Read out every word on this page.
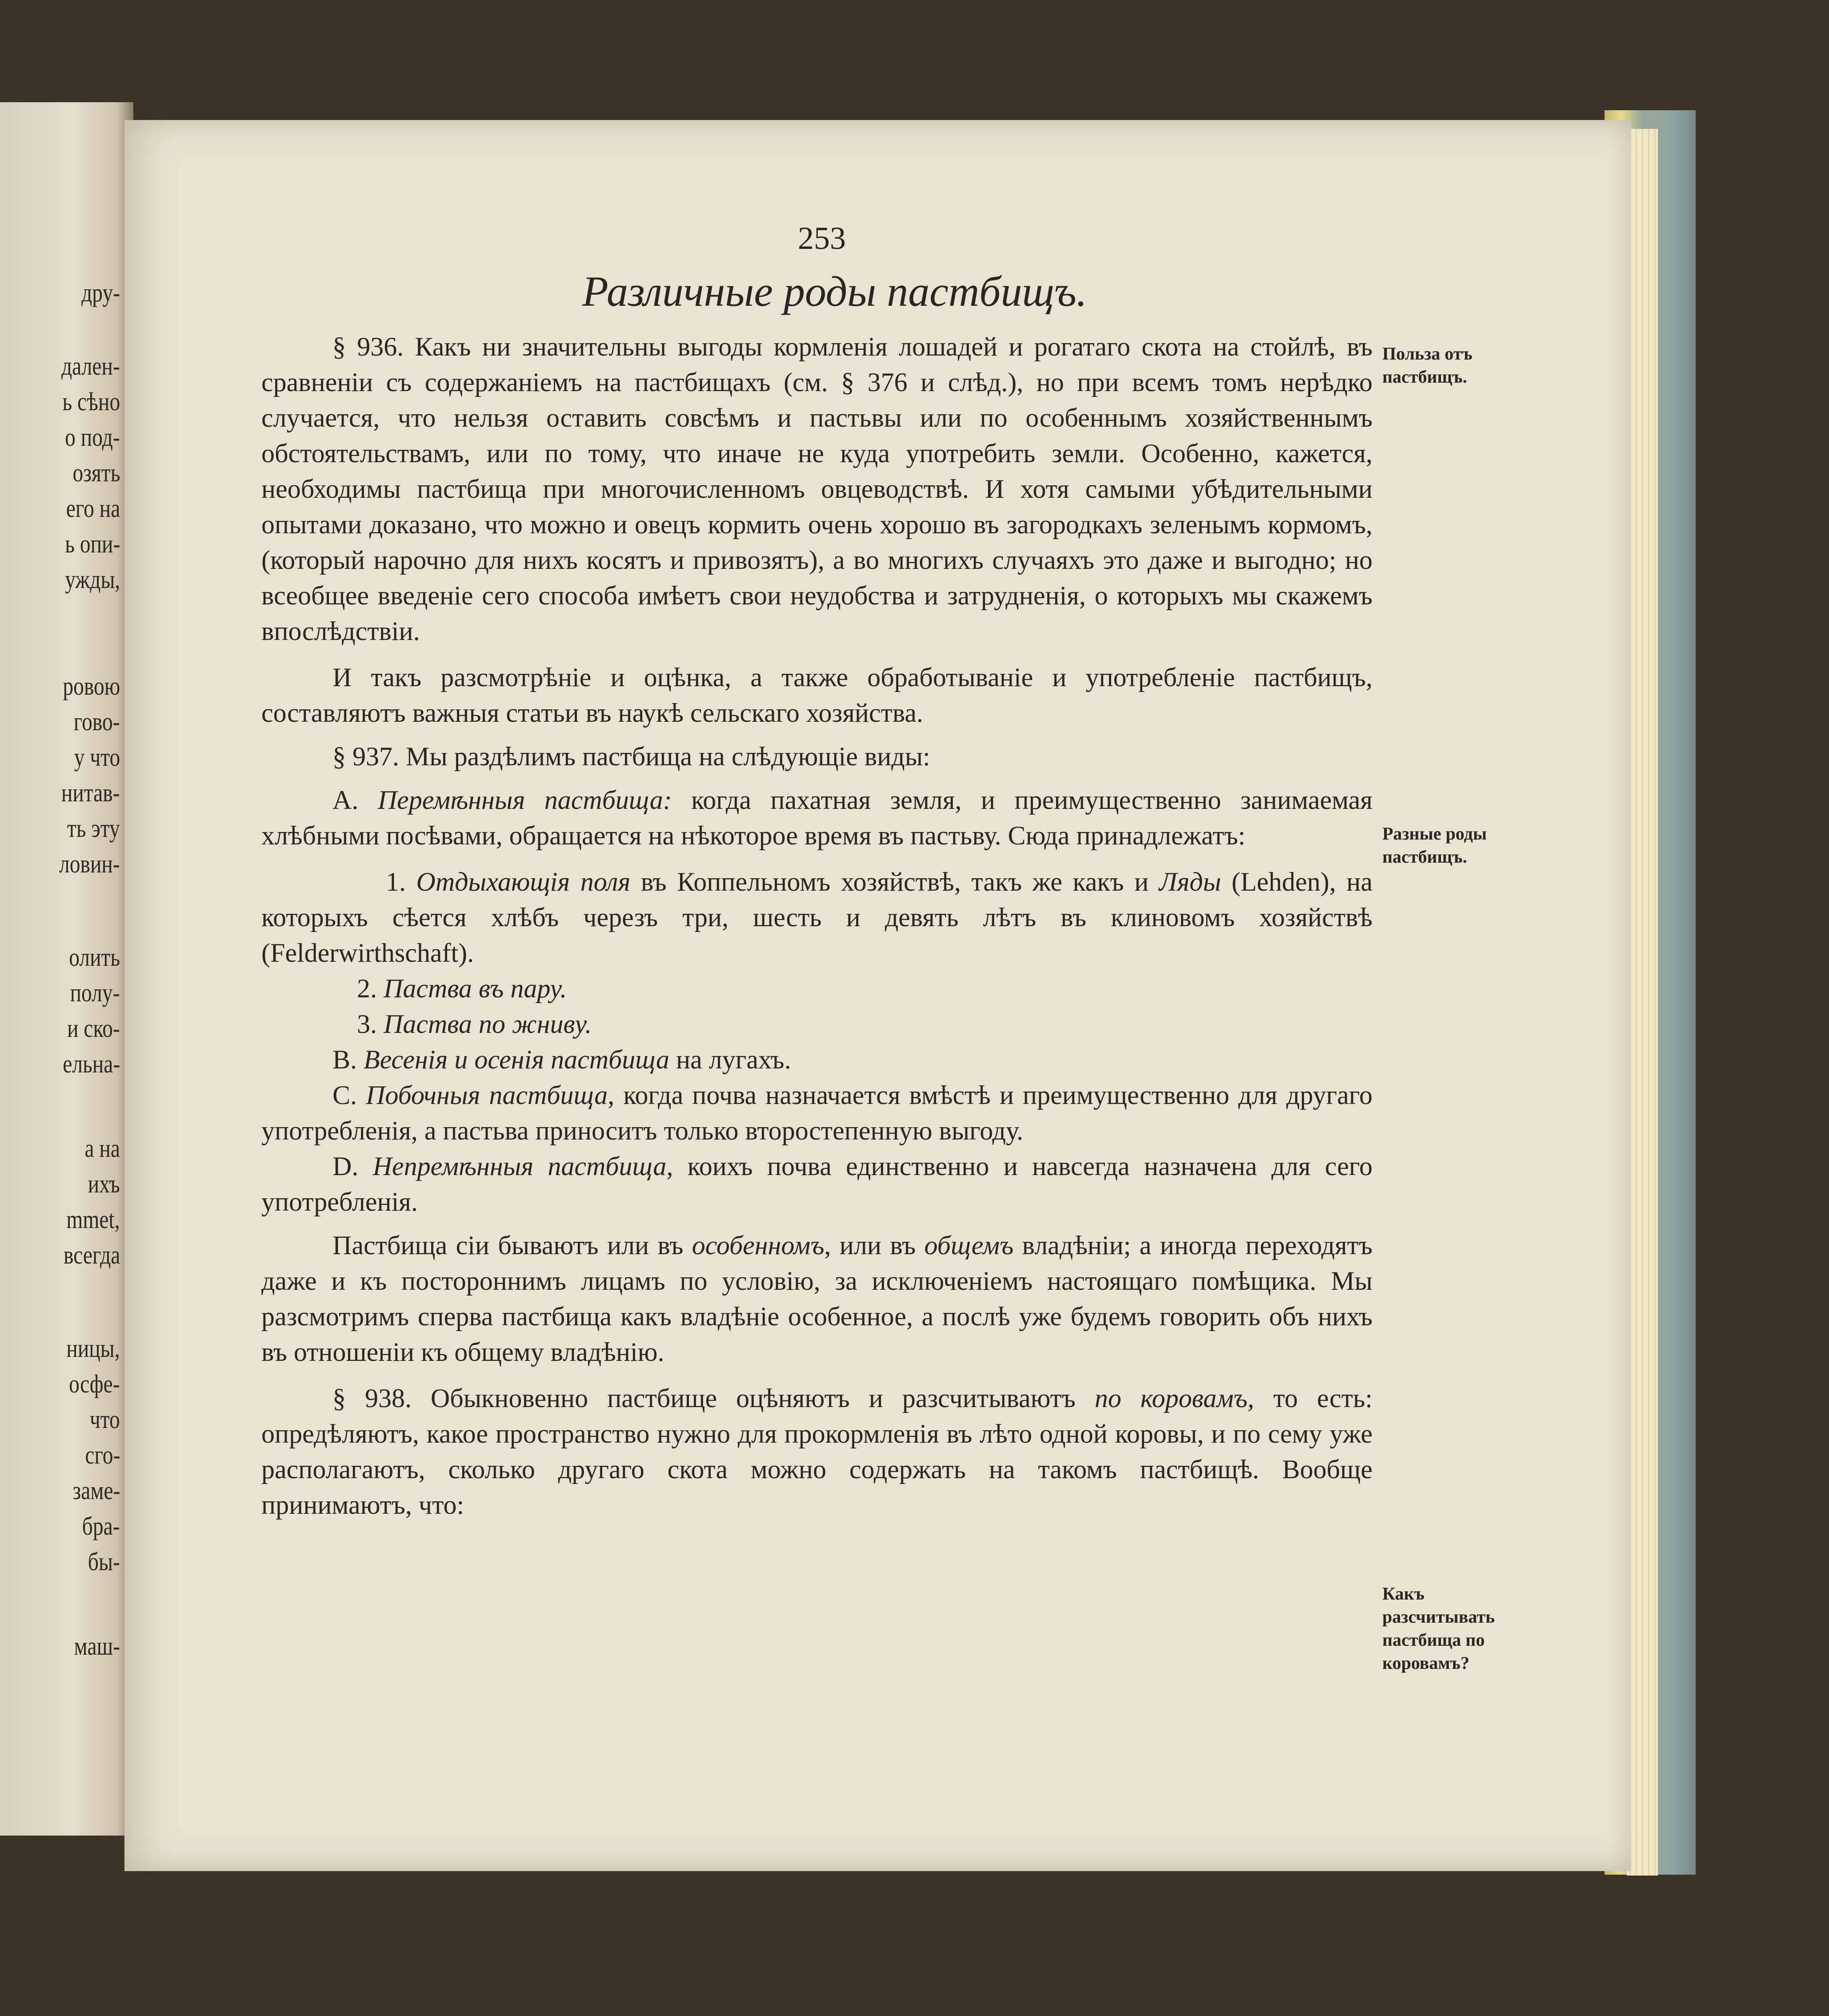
дру-
дален-
ь сѣно
о под-
озять
его на
ь опи-
ужды,
ровою
гово-
у что
нитав-
ть эту
ловин-
олить
полу-
и ско-
ельна-
а на
ихъ
mmet,
всегда
ницы,
осфе-
что
сго-
заме-
бра-
бы-
маш-
253
Различные роды пастбищъ.

§ 936. Какъ ни значительны выгоды кормленія лошадей и рогатаго скота на стойлѣ, въ сравненіи съ содержаніемъ на пастбищахъ (см. § 376 и слѣд.), но при всемъ томъ нерѣдко случается, что нельзя оставить совсѣмъ и пастьвы или по особеннымъ хозяйственнымъ обстоятельствамъ, или по тому, что иначе не куда употребить земли. Особенно, кажется, необходимы пастбища при многочисленномъ овцеводствѣ. И хотя самыми убѣдительными опытами доказано, что можно и овецъ кормить очень хорошо въ загородкахъ зеленымъ кормомъ, (который нарочно для нихъ косятъ и привозятъ), а во многихъ случаяхъ это даже и выгодно; но всеобщее введеніе сего способа имѣетъ свои неудобства и затрудненія, о которыхъ мы скажемъ впослѣдствіи.

И такъ разсмотрѣніе и оцѣнка, а также обработываніе и употребленіе пастбищъ, составляютъ важныя статьи въ наукѣ сельскаго хозяйства.

§ 937. Мы раздѣлимъ пастбища на слѣдующіе виды:

А. Перемѣнныя пастбища: когда пахатная земля, и преимущественно занимаемая хлѣбными посѣвами, обращается на нѣкоторое время въ пастьву. Сюда принадлежатъ:

1. Отдыхающія поля въ Коппельномъ хозяйствѣ, такъ же какъ и Ляды (Lehden), на которыхъ сѣется хлѣбъ черезъ три, шесть и девять лѣтъ въ клиновомъ хозяйствѣ (Felderwirthschaft).

2. Паства въ пару.

3. Паства по жниву.

В. Весенія и осенія пастбища на лугахъ.

С. Побочныя пастбища, когда почва назначается вмѣстѣ и преимущественно для другаго употребленія, а пастьва приноситъ только второстепенную выгоду.

D. Непремѣнныя пастбища, коихъ почва единственно и навсегда назначена для сего употребленія.

Пастбища сіи бываютъ или въ особенномъ, или въ общемъ владѣніи; а иногда переходятъ даже и къ постороннимъ лицамъ по условію, за исключеніемъ настоящаго помѣщика. Мы разсмотримъ сперва пастбища какъ владѣніе особенное, а послѣ уже будемъ говорить объ нихъ въ отношеніи къ общему владѣнію.

§ 938. Обыкновенно пастбище оцѣняютъ и разсчитываютъ по коровамъ, то есть: опредѣляютъ, какое пространство нужно для прокормленія въ лѣто одной коровы, и по сему уже располагаютъ, сколько другаго скота можно содержать на такомъ пастбищѣ. Вообще принимаютъ, что:

Польза отъ пастбищъ.
Разные роды пастбищъ.
Какъ разсчитывать пастбища по коровамъ?
